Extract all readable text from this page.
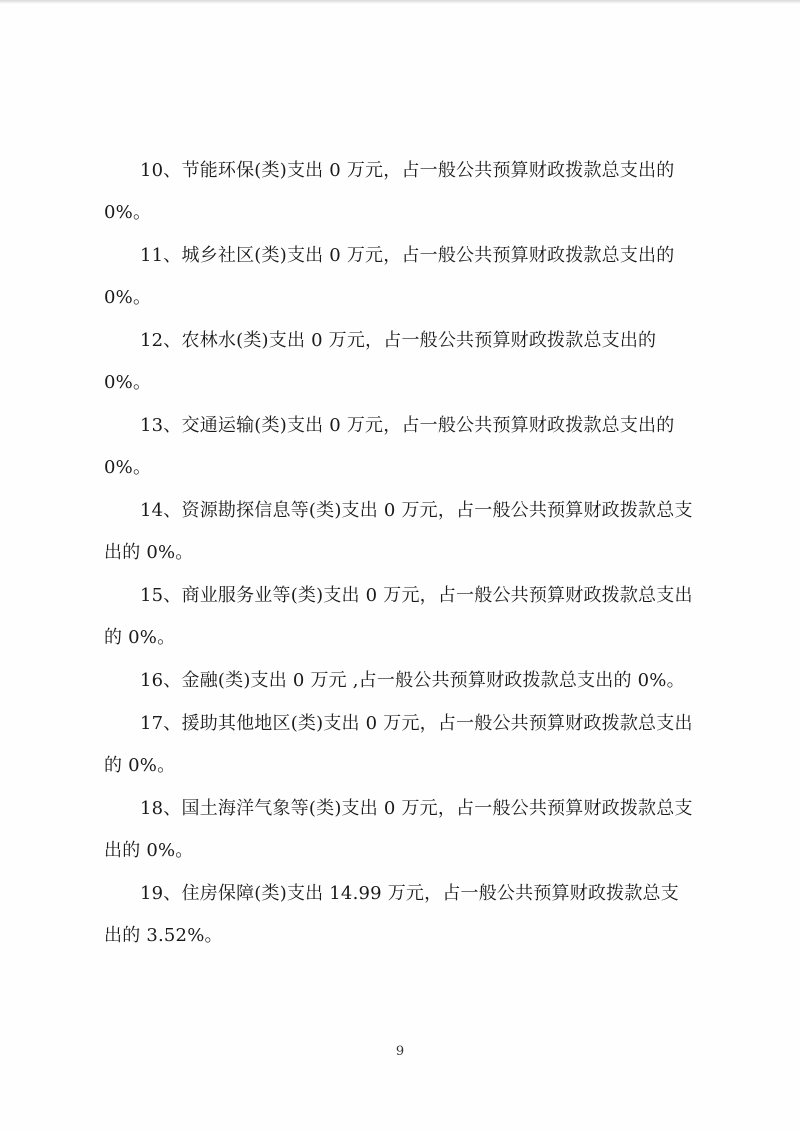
10、节能环保(类)支出 0 万元，占一般公共预算财政拨款总支出的 0%。

11、城乡社区(类)支出 0 万元，占一般公共预算财政拨款总支出的 0%。

12、农林水(类)支出 0 万元，占一般公共预算财政拨款总支出的 0%。

13、交通运输(类)支出 0 万元，占一般公共预算财政拨款总支出的 0%。

14、资源勘探信息等(类)支出 0 万元，占一般公共预算财政拨款总支出的 0%。

15、商业服务业等(类)支出 0 万元，占一般公共预算财政拨款总支出的 0%。

16、金融(类)支出 0 万元 ,占一般公共预算财政拨款总支出的 0%。

17、援助其他地区(类)支出 0 万元，占一般公共预算财政拨款总支出的 0%。

18、国土海洋气象等(类)支出 0 万元，占一般公共预算财政拨款总支出的 0%。

19、住房保障(类)支出 14.99 万元，占一般公共预算财政拨款总支出的 3.52%。

9
